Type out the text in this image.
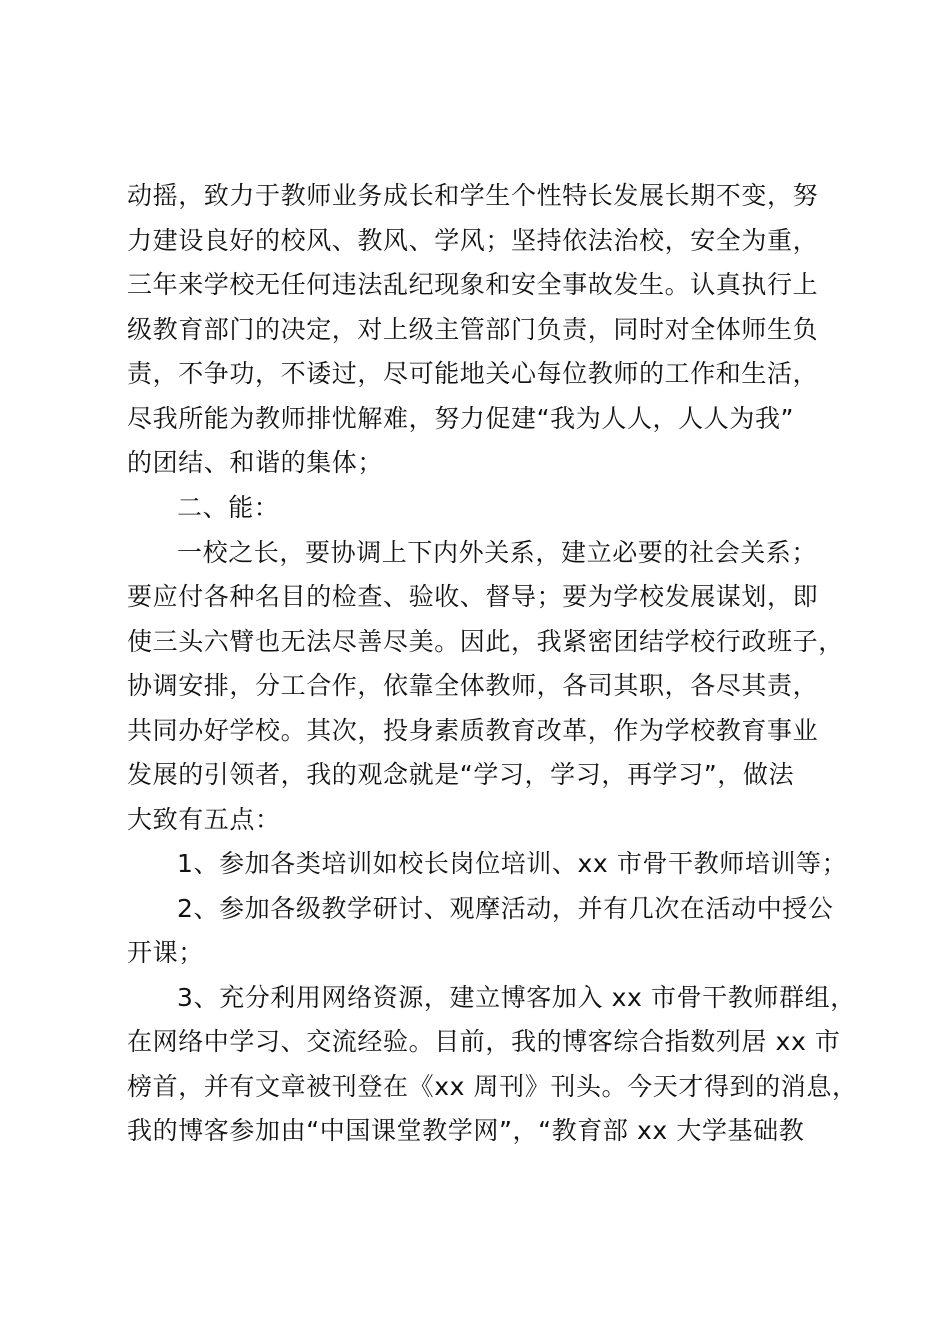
动摇，致力于教师业务成长和学生个性特长发展长期不变，努
力建设良好的校风、教风、学风；坚持依法治校，安全为重，
三年来学校无任何违法乱纪现象和安全事故发生。认真执行上
级教育部门的决定，对上级主管部门负责，同时对全体师生负
责，不争功，不诿过，尽可能地关心每位教师的工作和生活，
尽我所能为教师排忧解难，努力促建“我为人人，人人为我”
的团结、和谐的集体；
二、能：
一校之长，要协调上下内外关系，建立必要的社会关系；
要应付各种名目的检查、验收、督导；要为学校发展谋划，即
使三头六臂也无法尽善尽美。因此，我紧密团结学校行政班子，
协调安排，分工合作，依靠全体教师，各司其职，各尽其责，
共同办好学校。其次，投身素质教育改革，作为学校教育事业
发展的引领者，我的观念就是“学习，学习，再学习”，做法
大致有五点：
1、参加各类培训如校长岗位培训、xx 市骨干教师培训等；
2、参加各级教学研讨、观摩活动，并有几次在活动中授公
开课；
3、充分利用网络资源，建立博客加入 xx 市骨干教师群组，
在网络中学习、交流经验。目前，我的博客综合指数列居 xx 市
榜首，并有文章被刊登在《xx 周刊》刊头。今天才得到的消息，
我的博客参加由“中国课堂教学网”，“教育部 xx 大学基础教
